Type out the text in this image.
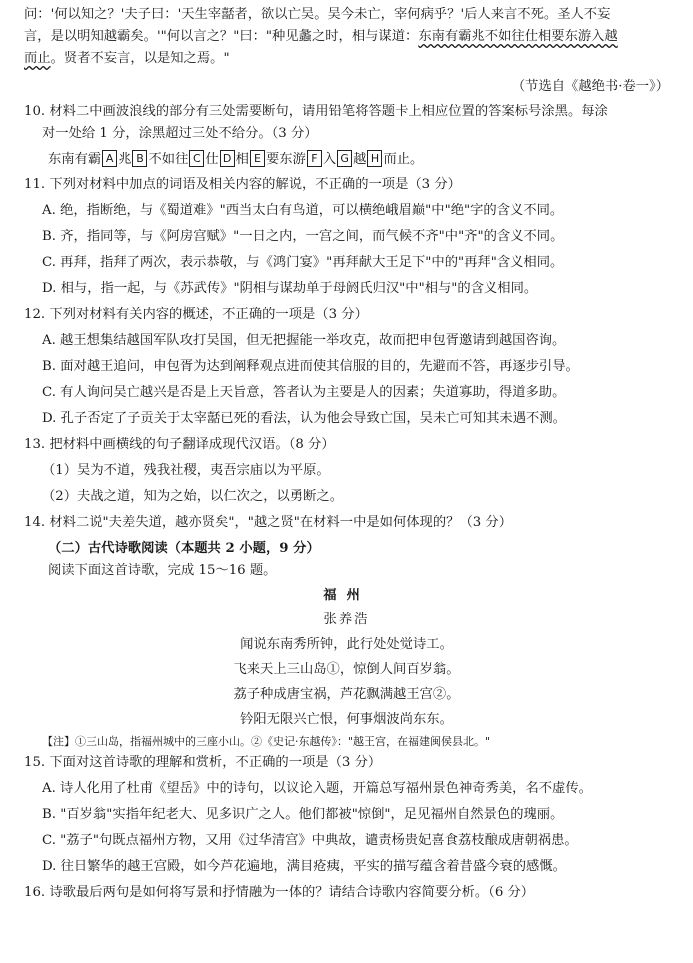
问：'何以知之？'夫子曰：'天生宰嚭者，欲以亡吴。吴今未亡，宰何病乎？'后人来言不死。圣人不妄
言，是以明知越霸矣。'"何以言之？"曰："种见蠡之时，相与谋道：东南有霸兆不如往仕相要东游入越
而止。贤者不妄言，以是知之焉。"
（节选自《越绝书·卷一》）
10. 材料二中画波浪线的部分有三处需要断句，请用铅笔将答题卡上相应位置的答案标号涂黑。每涂
对一处给 1 分，涂黑超过三处不给分。（3 分）
东南有霸 A 兆 B 不如往 C 仕 D 相 E 要东游 F 入 G 越 H 而止。
11. 下列对材料中加点的词语及相关内容的解说，不正确的一项是（3 分）
A. 绝，指断绝，与《蜀道难》"西当太白有鸟道，可以横绝峨眉巅"中"绝"字的含义不同。
B. 齐，指同等，与《阿房宫赋》"一日之内，一宫之间，而气候不齐"中"齐"的含义不同。
C. 再拜，指拜了两次，表示恭敬，与《鸿门宴》"再拜献大王足下"中的"再拜"含义相同。
D. 相与，指一起，与《苏武传》"阴相与谋劫单于母阏氏归汉"中"相与"的含义相同。
12. 下列对材料有关内容的概述，不正确的一项是（3 分）
A. 越王想集结越国军队攻打吴国，但无把握能一举攻克，故而把申包胥邀请到越国咨询。
B. 面对越王追问，申包胥为达到阐释观点进而使其信服的目的，先避而不答，再逐步引导。
C. 有人询问吴亡越兴是否是上天旨意，答者认为主要是人的因素；失道寡助，得道多助。
D. 孔子否定了子贡关于太宰嚭已死的看法，认为他会导致亡国，吴未亡可知其未遇不测。
13. 把材料中画横线的句子翻译成现代汉语。（8 分）
（1）吴为不道，残我社稷，夷吾宗庙以为平原。
（2）夫战之道，知为之始，以仁次之，以勇断之。
14. 材料二说"夫差失道，越亦贤矣"，"越之贤"在材料一中是如何体现的？（3 分）
（二）古代诗歌阅读（本题共 2 小题，9 分）
阅读下面这首诗歌，完成 15～16 题。
福州
张养浩
闻说东南秀所钟，此行处处觉诗工。
飞来天上三山岛①，惊倒人间百岁翁。
荔子种成唐宝祸，芦花飘满越王宫②。
钤阳无限兴亡恨，何事烟波尚东东。
【注】①三山岛，指福州城中的三座小山。②《史记·东越传》："越王宫，在福建闽侯县北。"
15. 下面对这首诗歌的理解和赏析，不正确的一项是（3 分）
A. 诗人化用了杜甫《望岳》中的诗句，以议论入题，开篇总写福州景色神奇秀美，名不虚传。
B. "百岁翁"实指年纪老大、见多识广之人。他们都被"惊倒"，足见福州自然景色的瑰丽。
C. "荔子"句既点福州方物，又用《过华清宫》中典故，谴责杨贵妃喜食荔枝酿成唐朝祸患。
D. 往日繁华的越王宫殿，如今芦花遍地，满目疮痍，平实的描写蕴含着昔盛今衰的感慨。
16. 诗歌最后两句是如何将写景和抒情融为一体的？请结合诗歌内容简要分析。（6 分）
